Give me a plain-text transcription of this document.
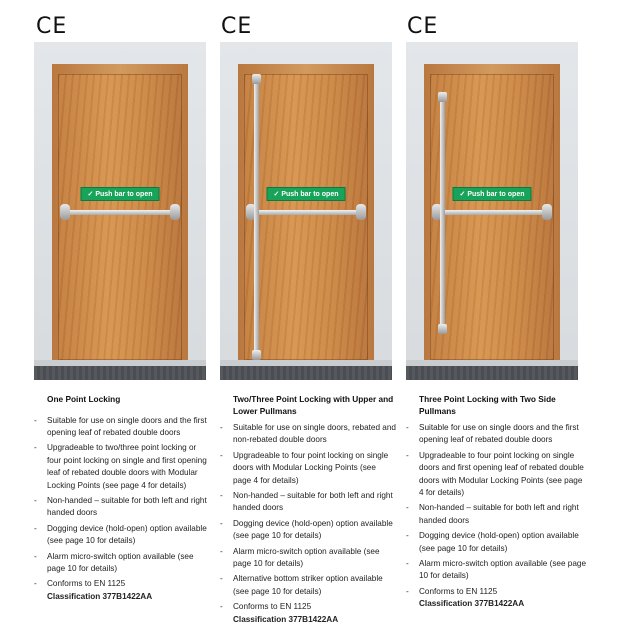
CE	CE	CE
✓ Push bar to open	✓ Push bar to open	✓ Push bar to open
One Point Locking
- Suitable for use on single doors and the first opening leaf of rebated double doors
- Upgradeable to two/three point locking or four point locking on single and first opening leaf of rebated double doors with Modular Locking Points (see page 4 for details)
- Non-handed – suitable for both left and right handed doors
- Dogging device (hold-open) option available (see page 10 for details)
- Alarm micro-switch option available (see page 10 for details)
- Conforms to EN 1125
Classification 377B1422AA
Two/Three Point Locking with Upper and Lower Pullmans
- Suitable for use on single doors, rebated and non-rebated double doors
- Upgradeable to four point locking on single doors with Modular Locking Points (see page 4 for details)
- Non-handed – suitable for both left and right handed doors
- Dogging device (hold-open) option available (see page 10 for details)
- Alarm micro-switch option available (see page 10 for details)
- Alternative bottom striker option available (see page 10 for details)
- Conforms to EN 1125
Classification 377B1422AA
Three Point Locking with Two Side Pullmans
- Suitable for use on single doors and the first opening leaf of rebated double doors
- Upgradeable to four point locking on single doors and first opening leaf of rebated double doors with Modular Locking Points (see page 4 for details)
- Non-handed – suitable for both left and right handed doors
- Dogging device (hold-open) option available (see page 10 for details)
- Alarm micro-switch option available (see page 10 for details)
- Conforms to EN 1125
Classification 377B1422AA
